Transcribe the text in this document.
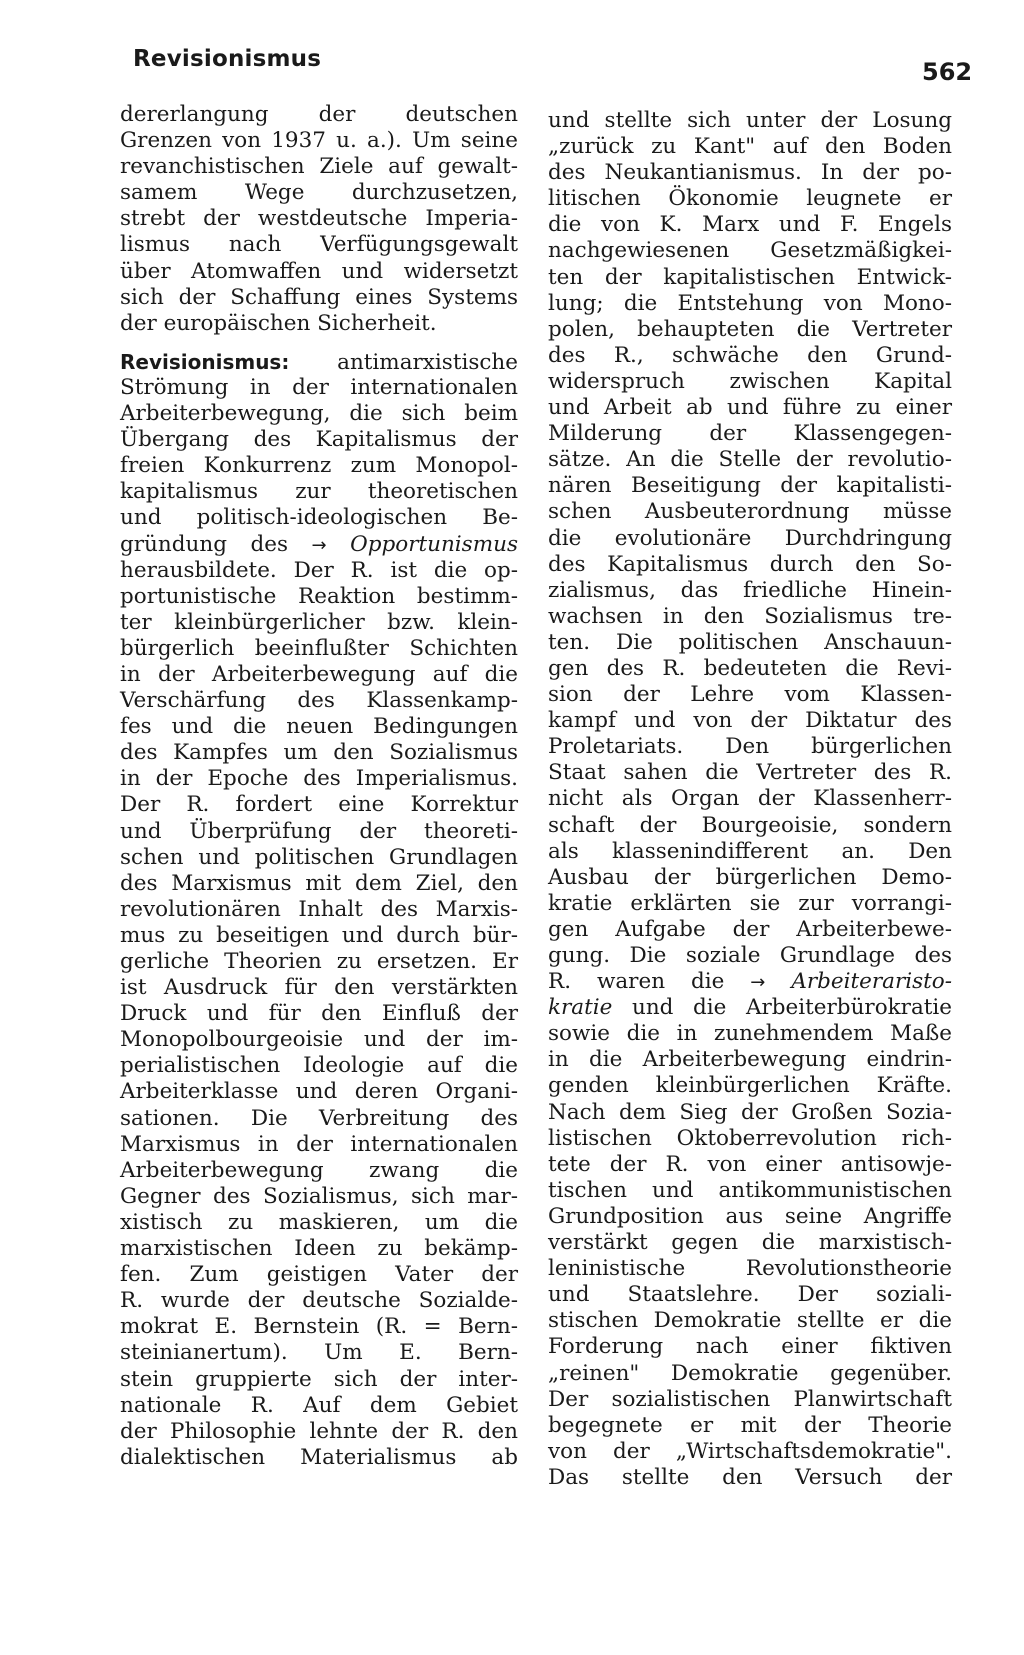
Revisionismus	562
dererlangung der deutschen
Grenzen von 1937 u. a.). Um seine
revanchistischen Ziele auf gewalt-
samem Wege durchzusetzen,
strebt der westdeutsche Imperia-
lismus nach Verfügungsgewalt
über Atomwaffen und widersetzt
sich der Schaffung eines Systems
der europäischen Sicherheit.
Revisionismus: antimarxistische
Strömung in der internationalen
Arbeiterbewegung, die sich beim
Übergang des Kapitalismus der
freien Konkurrenz zum Monopol-
kapitalismus zur theoretischen
und politisch-ideologischen Be-
gründung des → Opportunismus
herausbildete. Der R. ist die op-
portunistische Reaktion bestimm-
ter kleinbürgerlicher bzw. klein-
bürgerlich beeinflußter Schichten
in der Arbeiterbewegung auf die
Verschärfung des Klassenkamp-
fes und die neuen Bedingungen
des Kampfes um den Sozialismus
in der Epoche des Imperialismus.
Der R. fordert eine Korrektur
und Überprüfung der theoreti-
schen und politischen Grundlagen
des Marxismus mit dem Ziel, den
revolutionären Inhalt des Marxis-
mus zu beseitigen und durch bür-
gerliche Theorien zu ersetzen. Er
ist Ausdruck für den verstärkten
Druck und für den Einfluß der
Monopolbourgeoisie und der im-
perialistischen Ideologie auf die
Arbeiterklasse und deren Organi-
sationen. Die Verbreitung des
Marxismus in der internationalen
Arbeiterbewegung zwang die
Gegner des Sozialismus, sich mar-
xistisch zu maskieren, um die
marxistischen Ideen zu bekämp-
fen. Zum geistigen Vater der
R. wurde der deutsche Sozialde-
mokrat E. Bernstein (R. = Bern-
steinianertum). Um E. Bern-
stein gruppierte sich der inter-
nationale R. Auf dem Gebiet
der Philosophie lehnte der R. den
dialektischen Materialismus ab
und stellte sich unter der Losung
„zurück zu Kant" auf den Boden
des Neukantianismus. In der po-
litischen Ökonomie leugnete er
die von K. Marx und F. Engels
nachgewiesenen Gesetzmäßigkei-
ten der kapitalistischen Entwick-
lung; die Entstehung von Mono-
polen, behaupteten die Vertreter
des R., schwäche den Grund-
widerspruch zwischen Kapital
und Arbeit ab und führe zu einer
Milderung der Klassengegen-
sätze. An die Stelle der revolutio-
nären Beseitigung der kapitalisti-
schen Ausbeuterordnung müsse
die evolutionäre Durchdringung
des Kapitalismus durch den So-
zialismus, das friedliche Hinein-
wachsen in den Sozialismus tre-
ten. Die politischen Anschauun-
gen des R. bedeuteten die Revi-
sion der Lehre vom Klassen-
kampf und von der Diktatur des
Proletariats. Den bürgerlichen
Staat sahen die Vertreter des R.
nicht als Organ der Klassenherr-
schaft der Bourgeoisie, sondern
als klassenindifferent an. Den
Ausbau der bürgerlichen Demo-
kratie erklärten sie zur vorrangi-
gen Aufgabe der Arbeiterbewe-
gung. Die soziale Grundlage des
R. waren die → Arbeiteraristo-
kratie und die Arbeiterbürokratie
sowie die in zunehmendem Maße
in die Arbeiterbewegung eindrin-
genden kleinbürgerlichen Kräfte.
Nach dem Sieg der Großen Sozia-
listischen Oktoberrevolution rich-
tete der R. von einer antisowje-
tischen und antikommunistischen
Grundposition aus seine Angriffe
verstärkt gegen die marxistisch-
leninistische Revolutionstheorie
und Staatslehre. Der soziali-
stischen Demokratie stellte er die
Forderung nach einer fiktiven
„reinen" Demokratie gegenüber.
Der sozialistischen Planwirtschaft
begegnete er mit der Theorie
von der „Wirtschaftsdemokratie".
Das stellte den Versuch der
